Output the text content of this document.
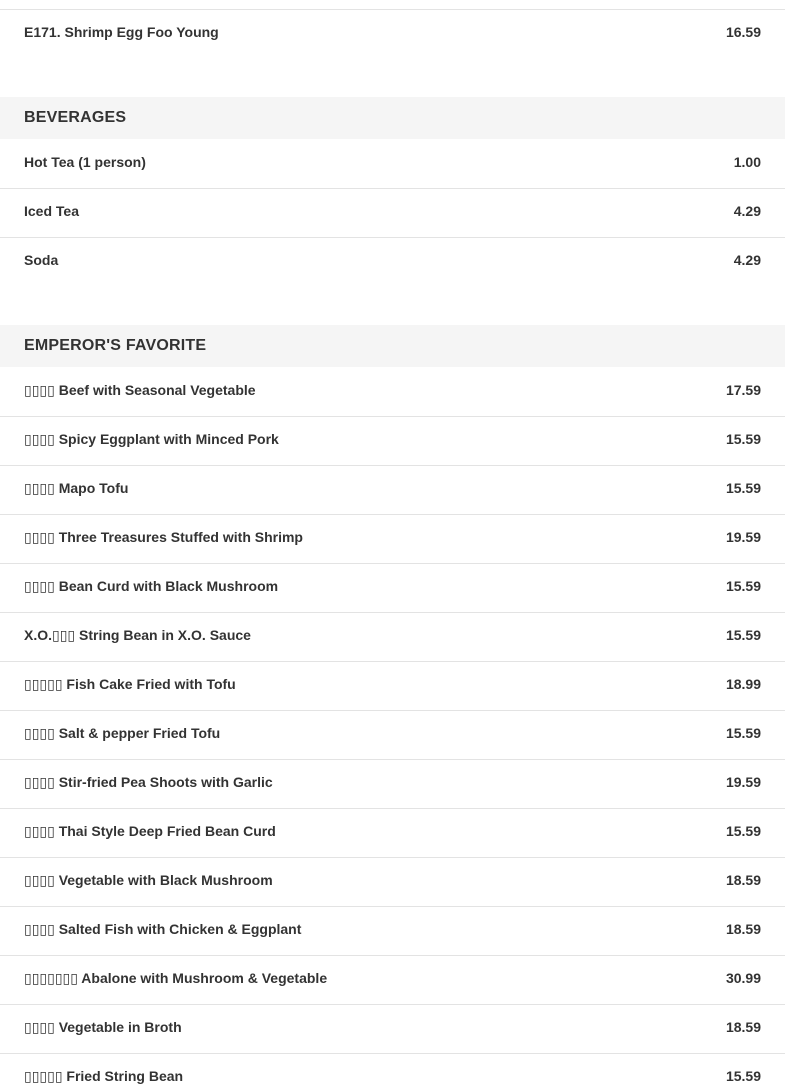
E171. Shrimp Egg Foo Young	16.59
BEVERAGES
Hot Tea (1 person)	1.00
Iced Tea	4.29
Soda	4.29
EMPEROR'S FAVORITE
▯▯▯▯ Beef with Seasonal Vegetable	17.59
▯▯▯▯ Spicy Eggplant with Minced Pork	15.59
▯▯▯▯ Mapo Tofu	15.59
▯▯▯▯ Three Treasures Stuffed with Shrimp	19.59
▯▯▯▯ Bean Curd with Black Mushroom	15.59
X.O.▯▯▯ String Bean in X.O. Sauce	15.59
▯▯▯▯▯ Fish Cake Fried with Tofu	18.99
▯▯▯▯ Salt & pepper Fried Tofu	15.59
▯▯▯▯ Stir-fried Pea Shoots with Garlic	19.59
▯▯▯▯ Thai Style Deep Fried Bean Curd	15.59
▯▯▯▯ Vegetable with Black Mushroom	18.59
▯▯▯▯ Salted Fish with Chicken & Eggplant	18.59
▯▯▯▯▯▯▯ Abalone with Mushroom & Vegetable	30.99
▯▯▯▯ Vegetable in Broth	18.59
▯▯▯▯▯ Fried String Bean	15.59
